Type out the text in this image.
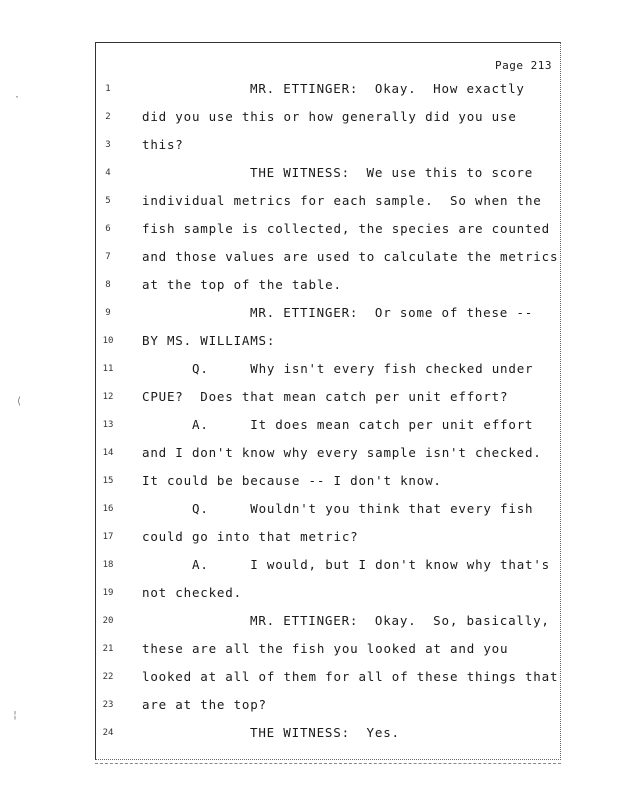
Page 213
1	MR. ETTINGER:  Okay.  How exactly
2	did you use this or how generally did you use
3	this?
4	THE WITNESS:  We use this to score
5	individual metrics for each sample.  So when the
6	fish sample is collected, the species are counted
7	and those values are used to calculate the metrics
8	at the top of the table.
9	MR. ETTINGER:  Or some of these --
10	BY MS. WILLIAMS:
11	Q.     Why isn't every fish checked under
12	CPUE?  Does that mean catch per unit effort?
13	A.     It does mean catch per unit effort
14	and I don't know why every sample isn't checked.
15	It could be because -- I don't know.
16	Q.     Wouldn't you think that every fish
17	could go into that metric?
18	A.     I would, but I don't know why that's
19	not checked.
20	MR. ETTINGER:  Okay.  So, basically,
21	these are all the fish you looked at and you
22	looked at all of them for all of these things that
23	are at the top?
24	THE WITNESS:  Yes.
·
⟨
¦
